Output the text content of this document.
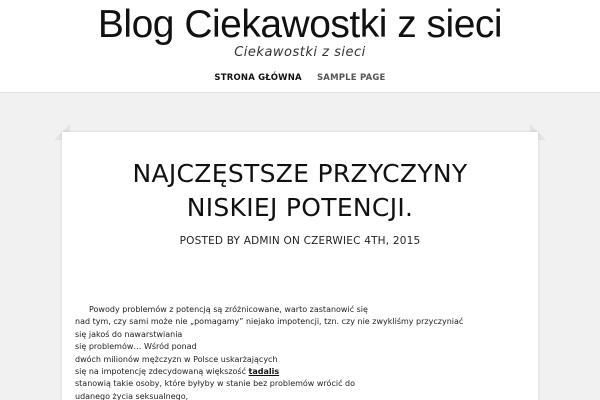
Blog Ciekawostki z sieci
Ciekawostki z sieci
STRONA GŁÓWNA SAMPLE PAGE
NAJCZĘSTSZE PRZYCZYNY
NISKIEJ POTENCJI.
POSTED BY ADMIN ON CZERWIEC 4TH, 2015
Powody problemów z potencją są zróżnicowane, warto zastanowić się
nad tym, czy sami może nie „pomagamy” niejako impotencji, tzn. czy nie zwykliśmy przyczyniać
się jakoś do nawarstwiania
się problemów… Wśród ponad
dwóch milionów mężczyzn w Polsce uskarżających
się na impotencję zdecydowaną większość tadalis
stanowią takie osoby, które byłyby w stanie bez problemów wrócić do
udanego życia seksualnego,
